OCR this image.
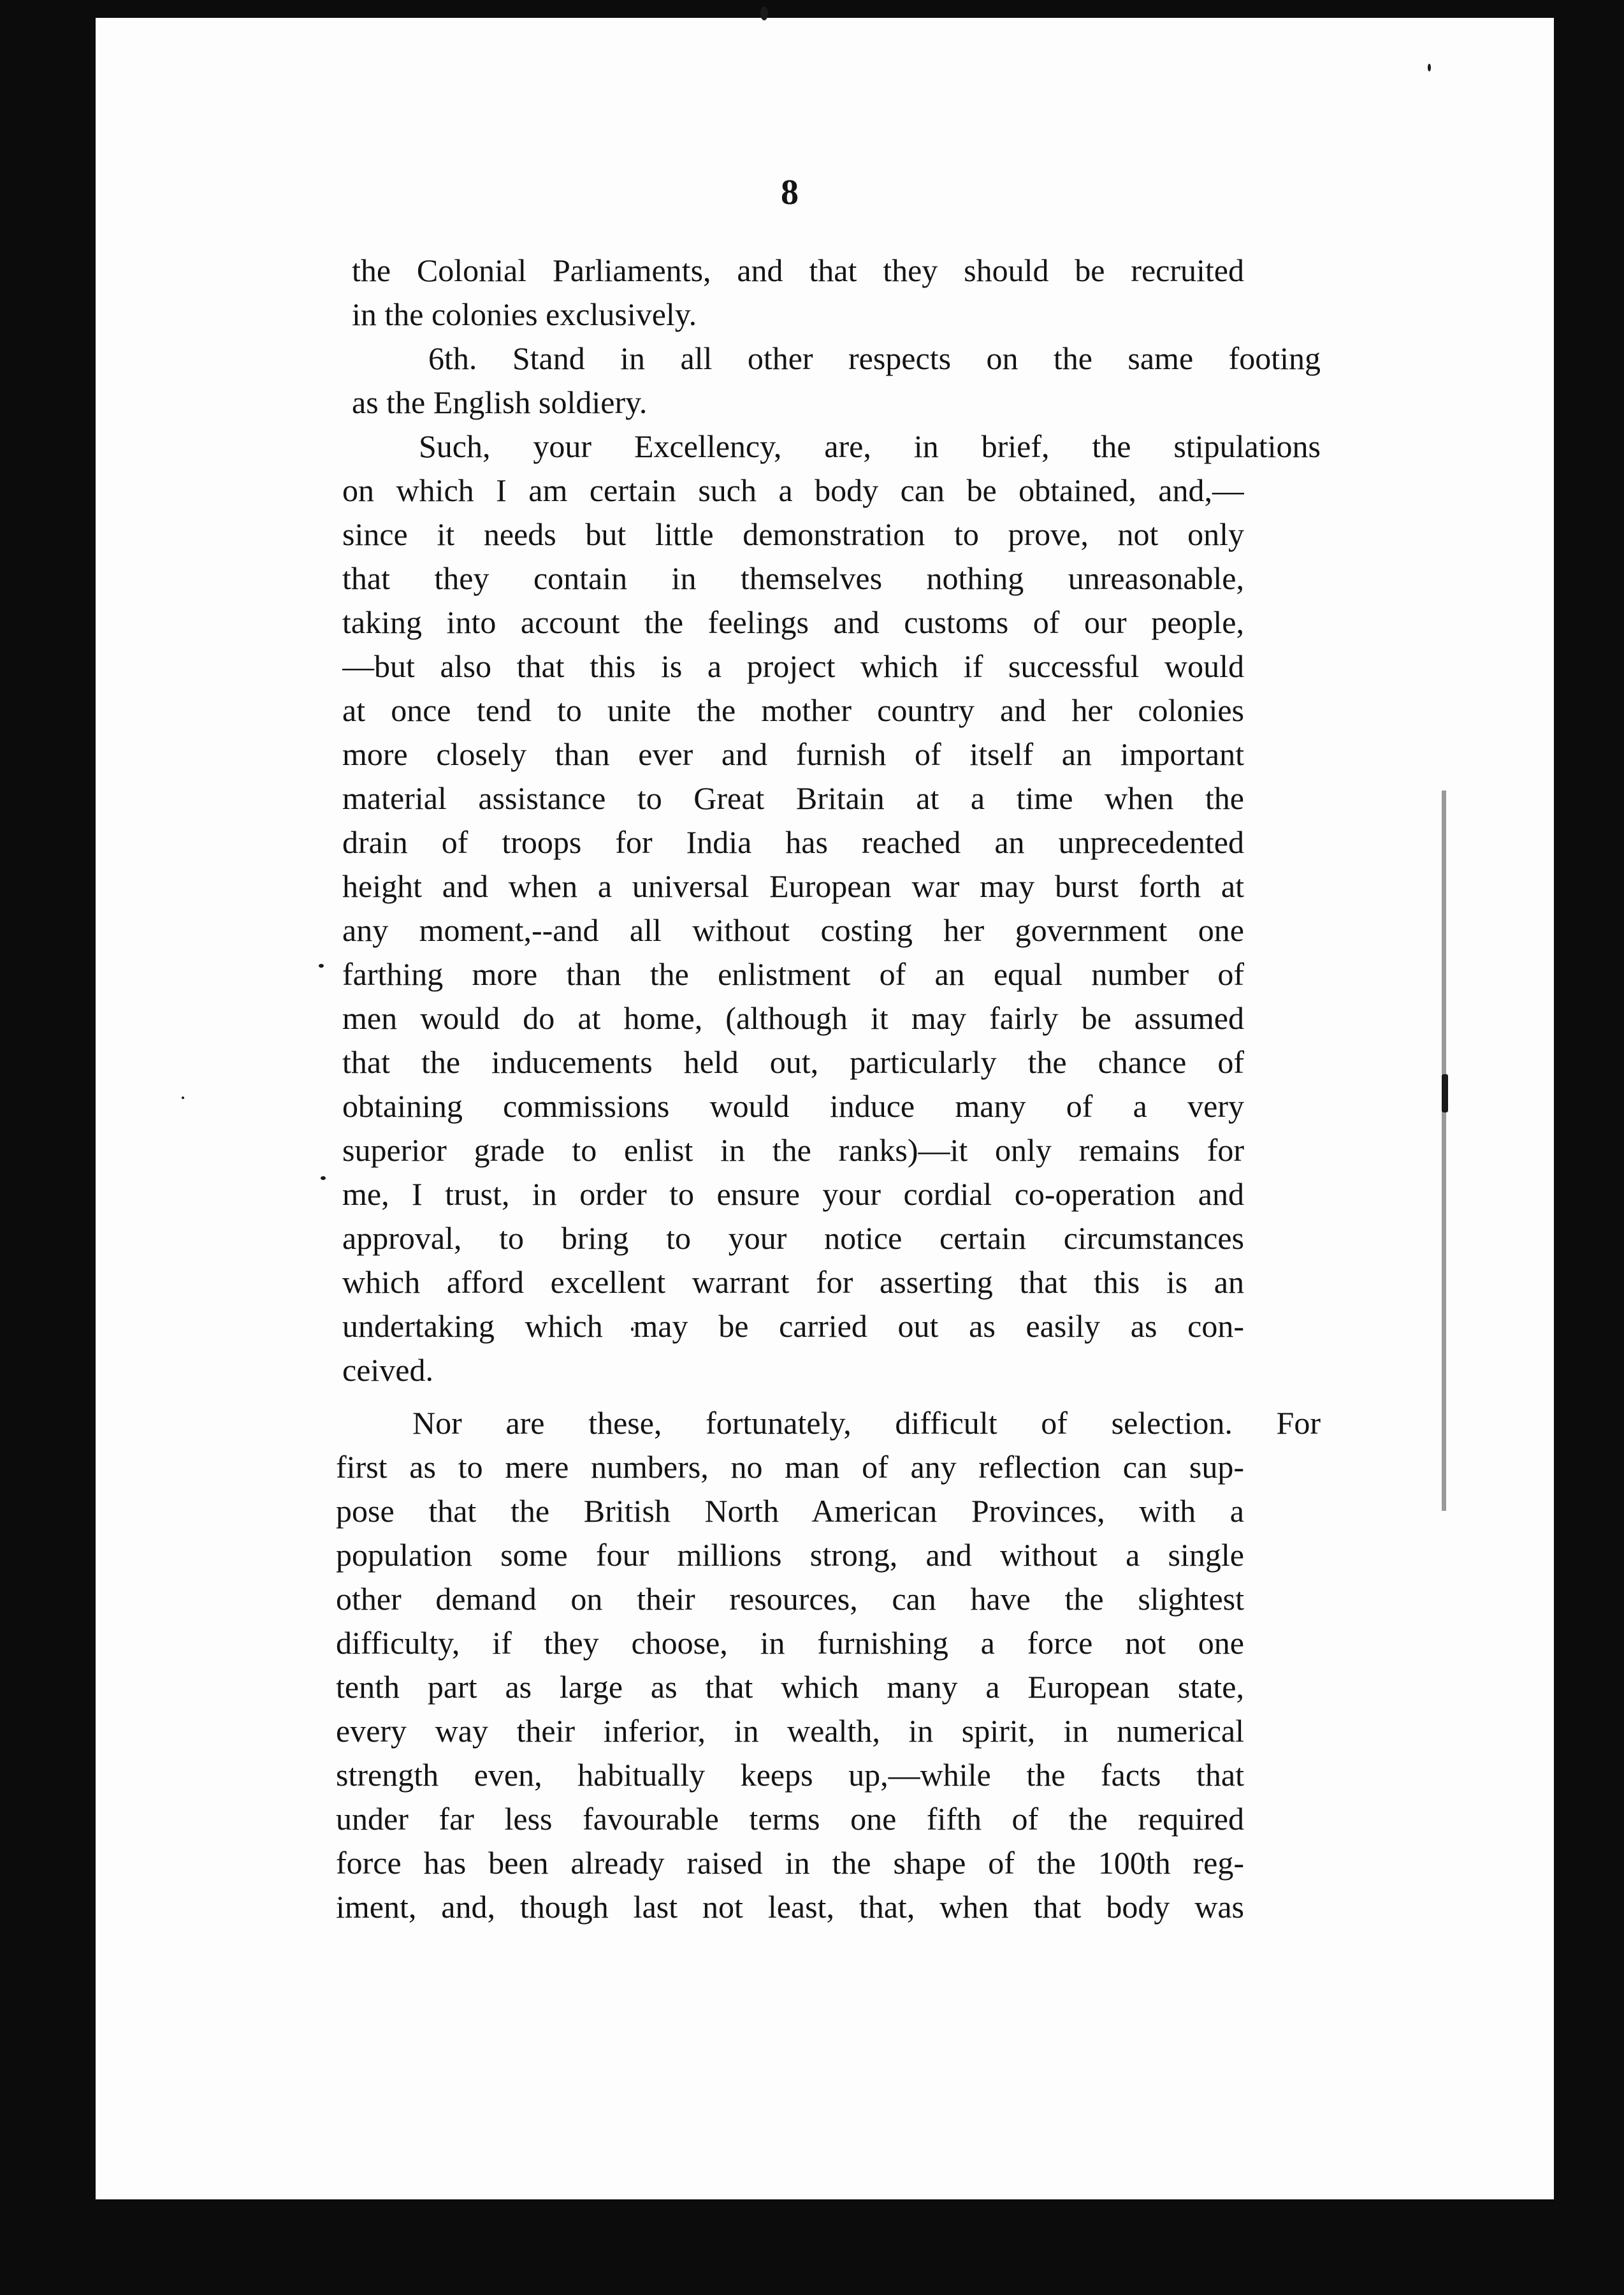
8
the Colonial Parliaments, and that they should be recruited
in the colonies exclusively.
6th. Stand in all other respects on the same footing
as the English soldiery.
Such, your Excellency, are, in brief, the stipulations
on which I am certain such a body can be obtained, and,—
since it needs but little demonstration to prove, not only
that they contain in themselves nothing unreasonable,
taking into account the feelings and customs of our people,
—but also that this is a project which if successful would
at once tend to unite the mother country and her colonies
more closely than ever and furnish of itself an important
material assistance to Great Britain at a time when the
drain of troops for India has reached an unprecedented
height and when a universal European war may burst forth at
any moment,--and all without costing her government one
farthing more than the enlistment of an equal number of
men would do at home, (although it may fairly be assumed
that the inducements held out, particularly the chance of
obtaining commissions would induce many of a very
superior grade to enlist in the ranks)—it only remains for
me, I trust, in order to ensure your cordial co-operation and
approval, to bring to your notice certain circumstances
which afford excellent warrant for asserting that this is an
undertaking which may be carried out as easily as con-
ceived.
Nor are these, fortunately, difficult of selection. For
first as to mere numbers, no man of any reflection can sup-
pose that the British North American Provinces, with a
population some four millions strong, and without a single
other demand on their resources, can have the slightest
difficulty, if they choose, in furnishing a force not one
tenth part as large as that which many a European state,
every way their inferior, in wealth, in spirit, in numerical
strength even, habitually keeps up,—while the facts that
under far less favourable terms one fifth of the required
force has been already raised in the shape of the 100th reg-
iment, and, though last not least, that, when that body was
